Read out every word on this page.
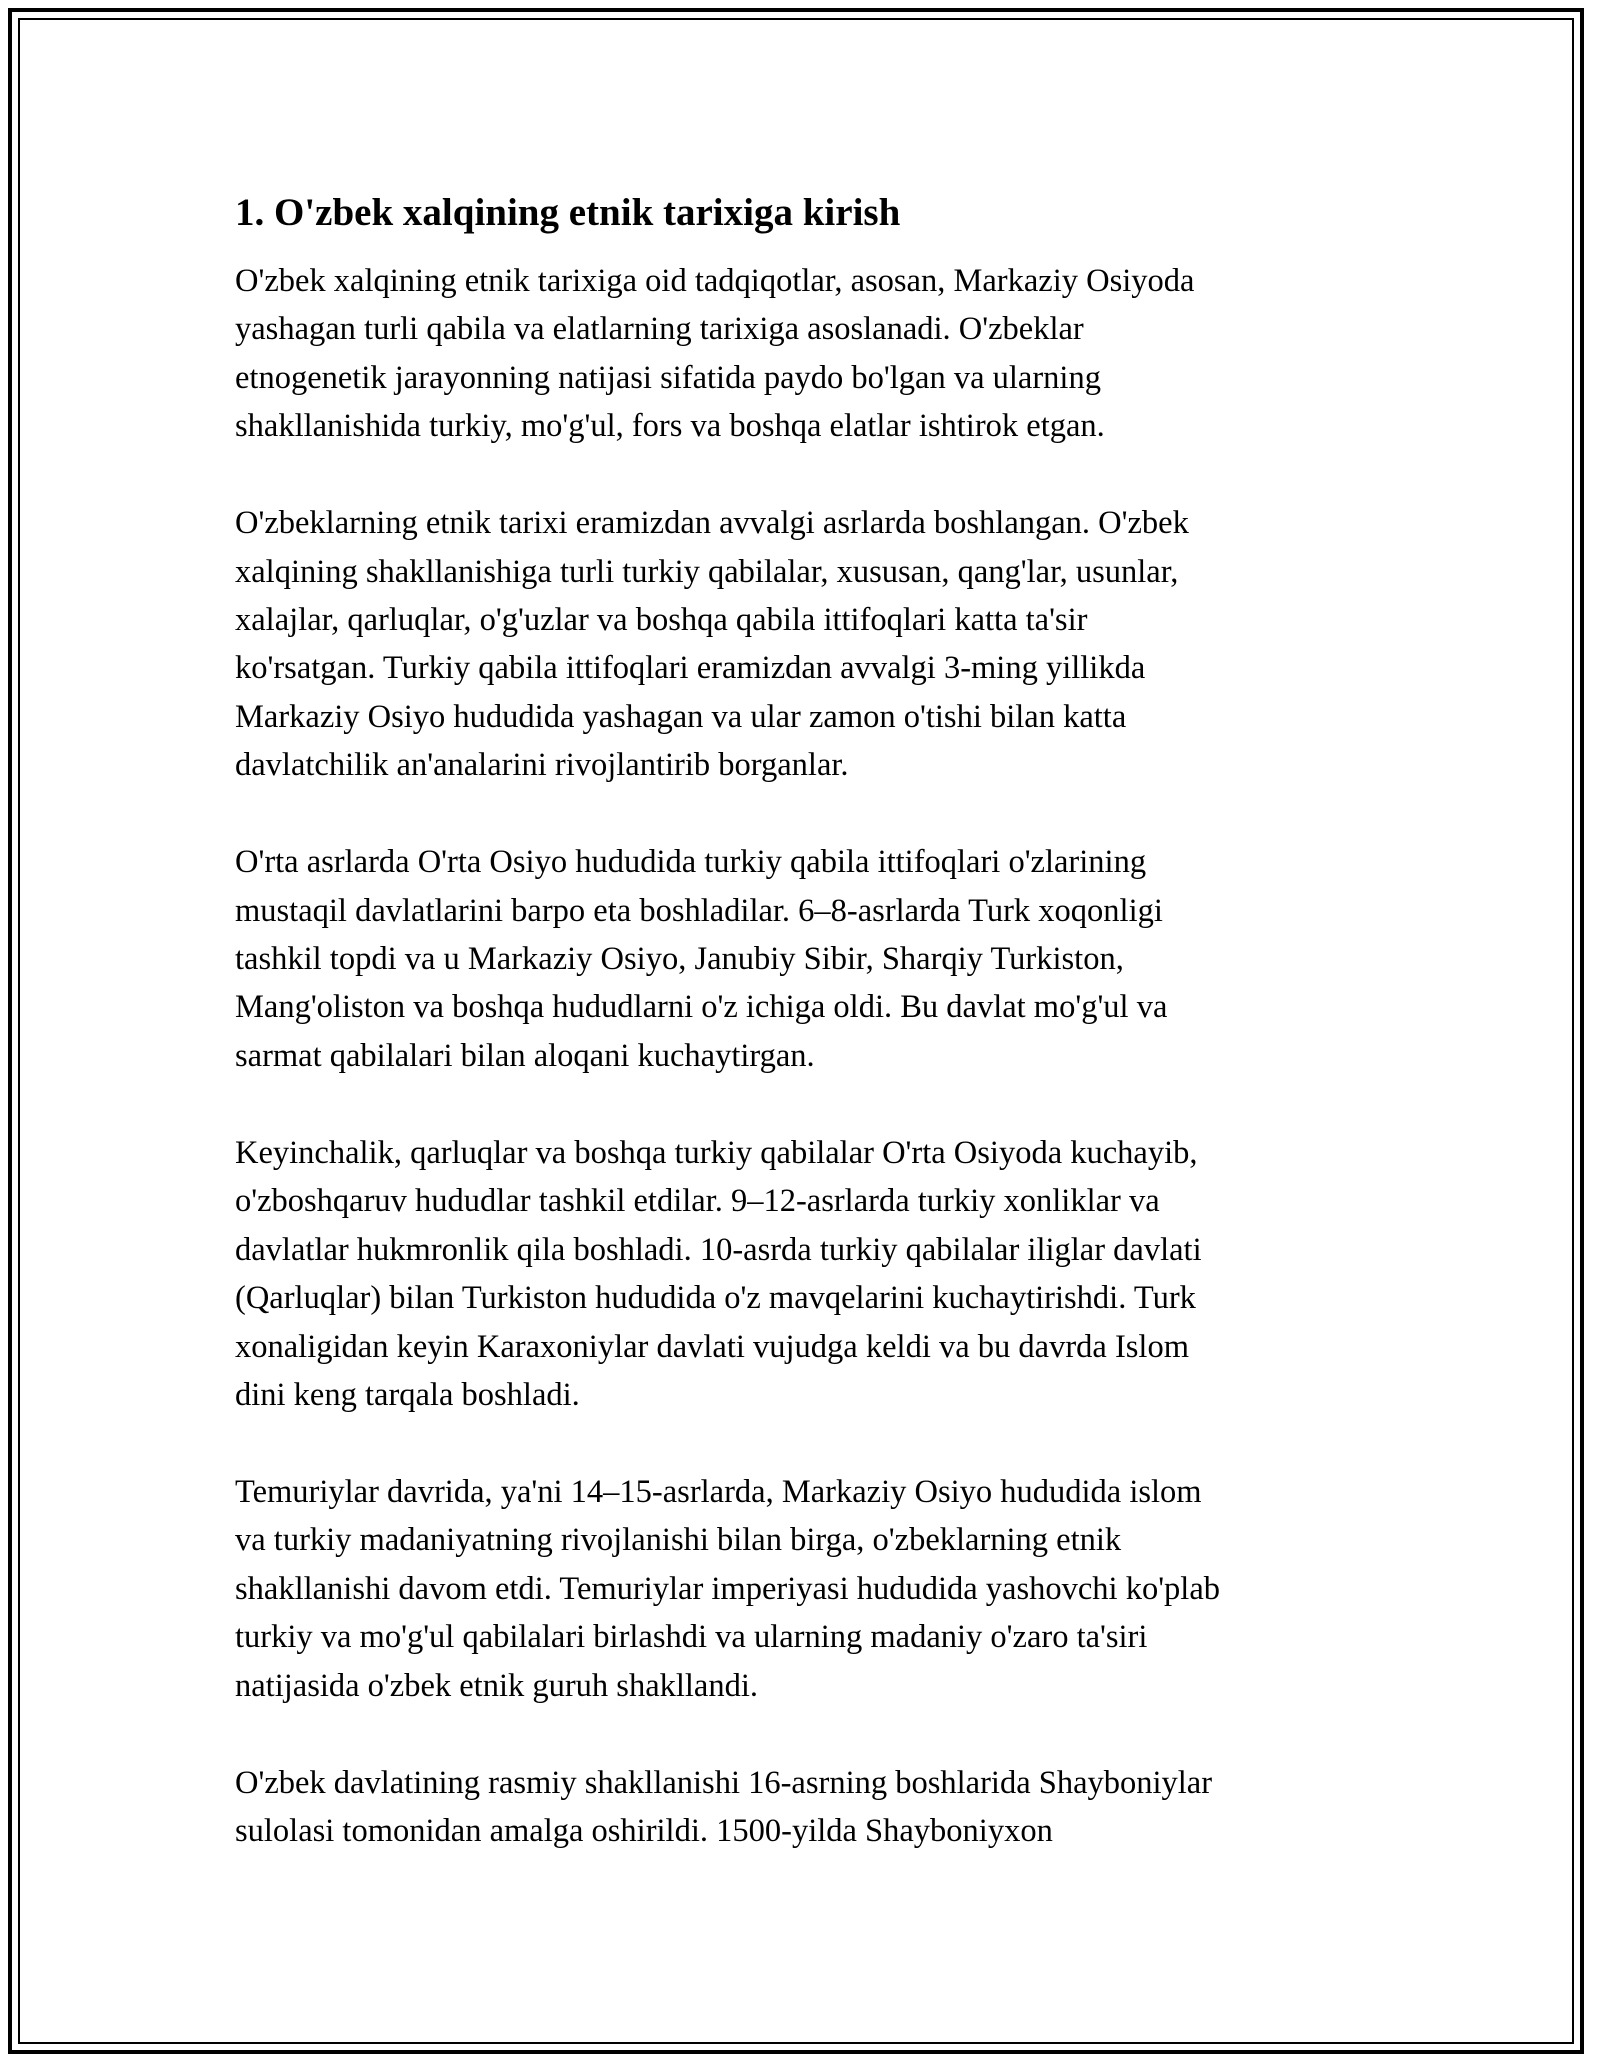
1. O'zbek xalqining etnik tarixiga kirish

O'zbek xalqining etnik tarixiga oid tadqiqotlar, asosan, Markaziy Osiyoda
yashagan turli qabila va elatlarning tarixiga asoslanadi. O'zbeklar
etnogenetik jarayonning natijasi sifatida paydo bo'lgan va ularning
shakllanishida turkiy, mo'g'ul, fors va boshqa elatlar ishtirok etgan.

O'zbeklarning etnik tarixi eramizdan avvalgi asrlarda boshlangan. O'zbek
xalqining shakllanishiga turli turkiy qabilalar, xususan, qang'lar, usunlar,
xalajlar, qarluqlar, o'g'uzlar va boshqa qabila ittifoqlari katta ta'sir
ko'rsatgan. Turkiy qabila ittifoqlari eramizdan avvalgi 3-ming yillikda
Markaziy Osiyo hududida yashagan va ular zamon o'tishi bilan katta
davlatchilik an'analarini rivojlantirib borganlar.

O'rta asrlarda O'rta Osiyo hududida turkiy qabila ittifoqlari o'zlarining
mustaqil davlatlarini barpo eta boshladilar. 6–8-asrlarda Turk xoqonligi
tashkil topdi va u Markaziy Osiyo, Janubiy Sibir, Sharqiy Turkiston,
Mang'oliston va boshqa hududlarni o'z ichiga oldi. Bu davlat mo'g'ul va
sarmat qabilalari bilan aloqani kuchaytirgan.

Keyinchalik, qarluqlar va boshqa turkiy qabilalar O'rta Osiyoda kuchayib,
o'zboshqaruv hududlar tashkil etdilar. 9–12-asrlarda turkiy xonliklar va
davlatlar hukmronlik qila boshladi. 10-asrda turkiy qabilalar iliglar davlati
(Qarluqlar) bilan Turkiston hududida o'z mavqelarini kuchaytirishdi. Turk
xonaligidan keyin Karaxoniylar davlati vujudga keldi va bu davrda Islom
dini keng tarqala boshladi.

Temuriylar davrida, ya'ni 14–15-asrlarda, Markaziy Osiyo hududida islom
va turkiy madaniyatning rivojlanishi bilan birga, o'zbeklarning etnik
shakllanishi davom etdi. Temuriylar imperiyasi hududida yashovchi ko'plab
turkiy va mo'g'ul qabilalari birlashdi va ularning madaniy o'zaro ta'siri
natijasida o'zbek etnik guruh shakllandi.

O'zbek davlatining rasmiy shakllanishi 16-asrning boshlarida Shayboniylar
sulolasi tomonidan amalga oshirildi. 1500-yilda Shayboniyxon
